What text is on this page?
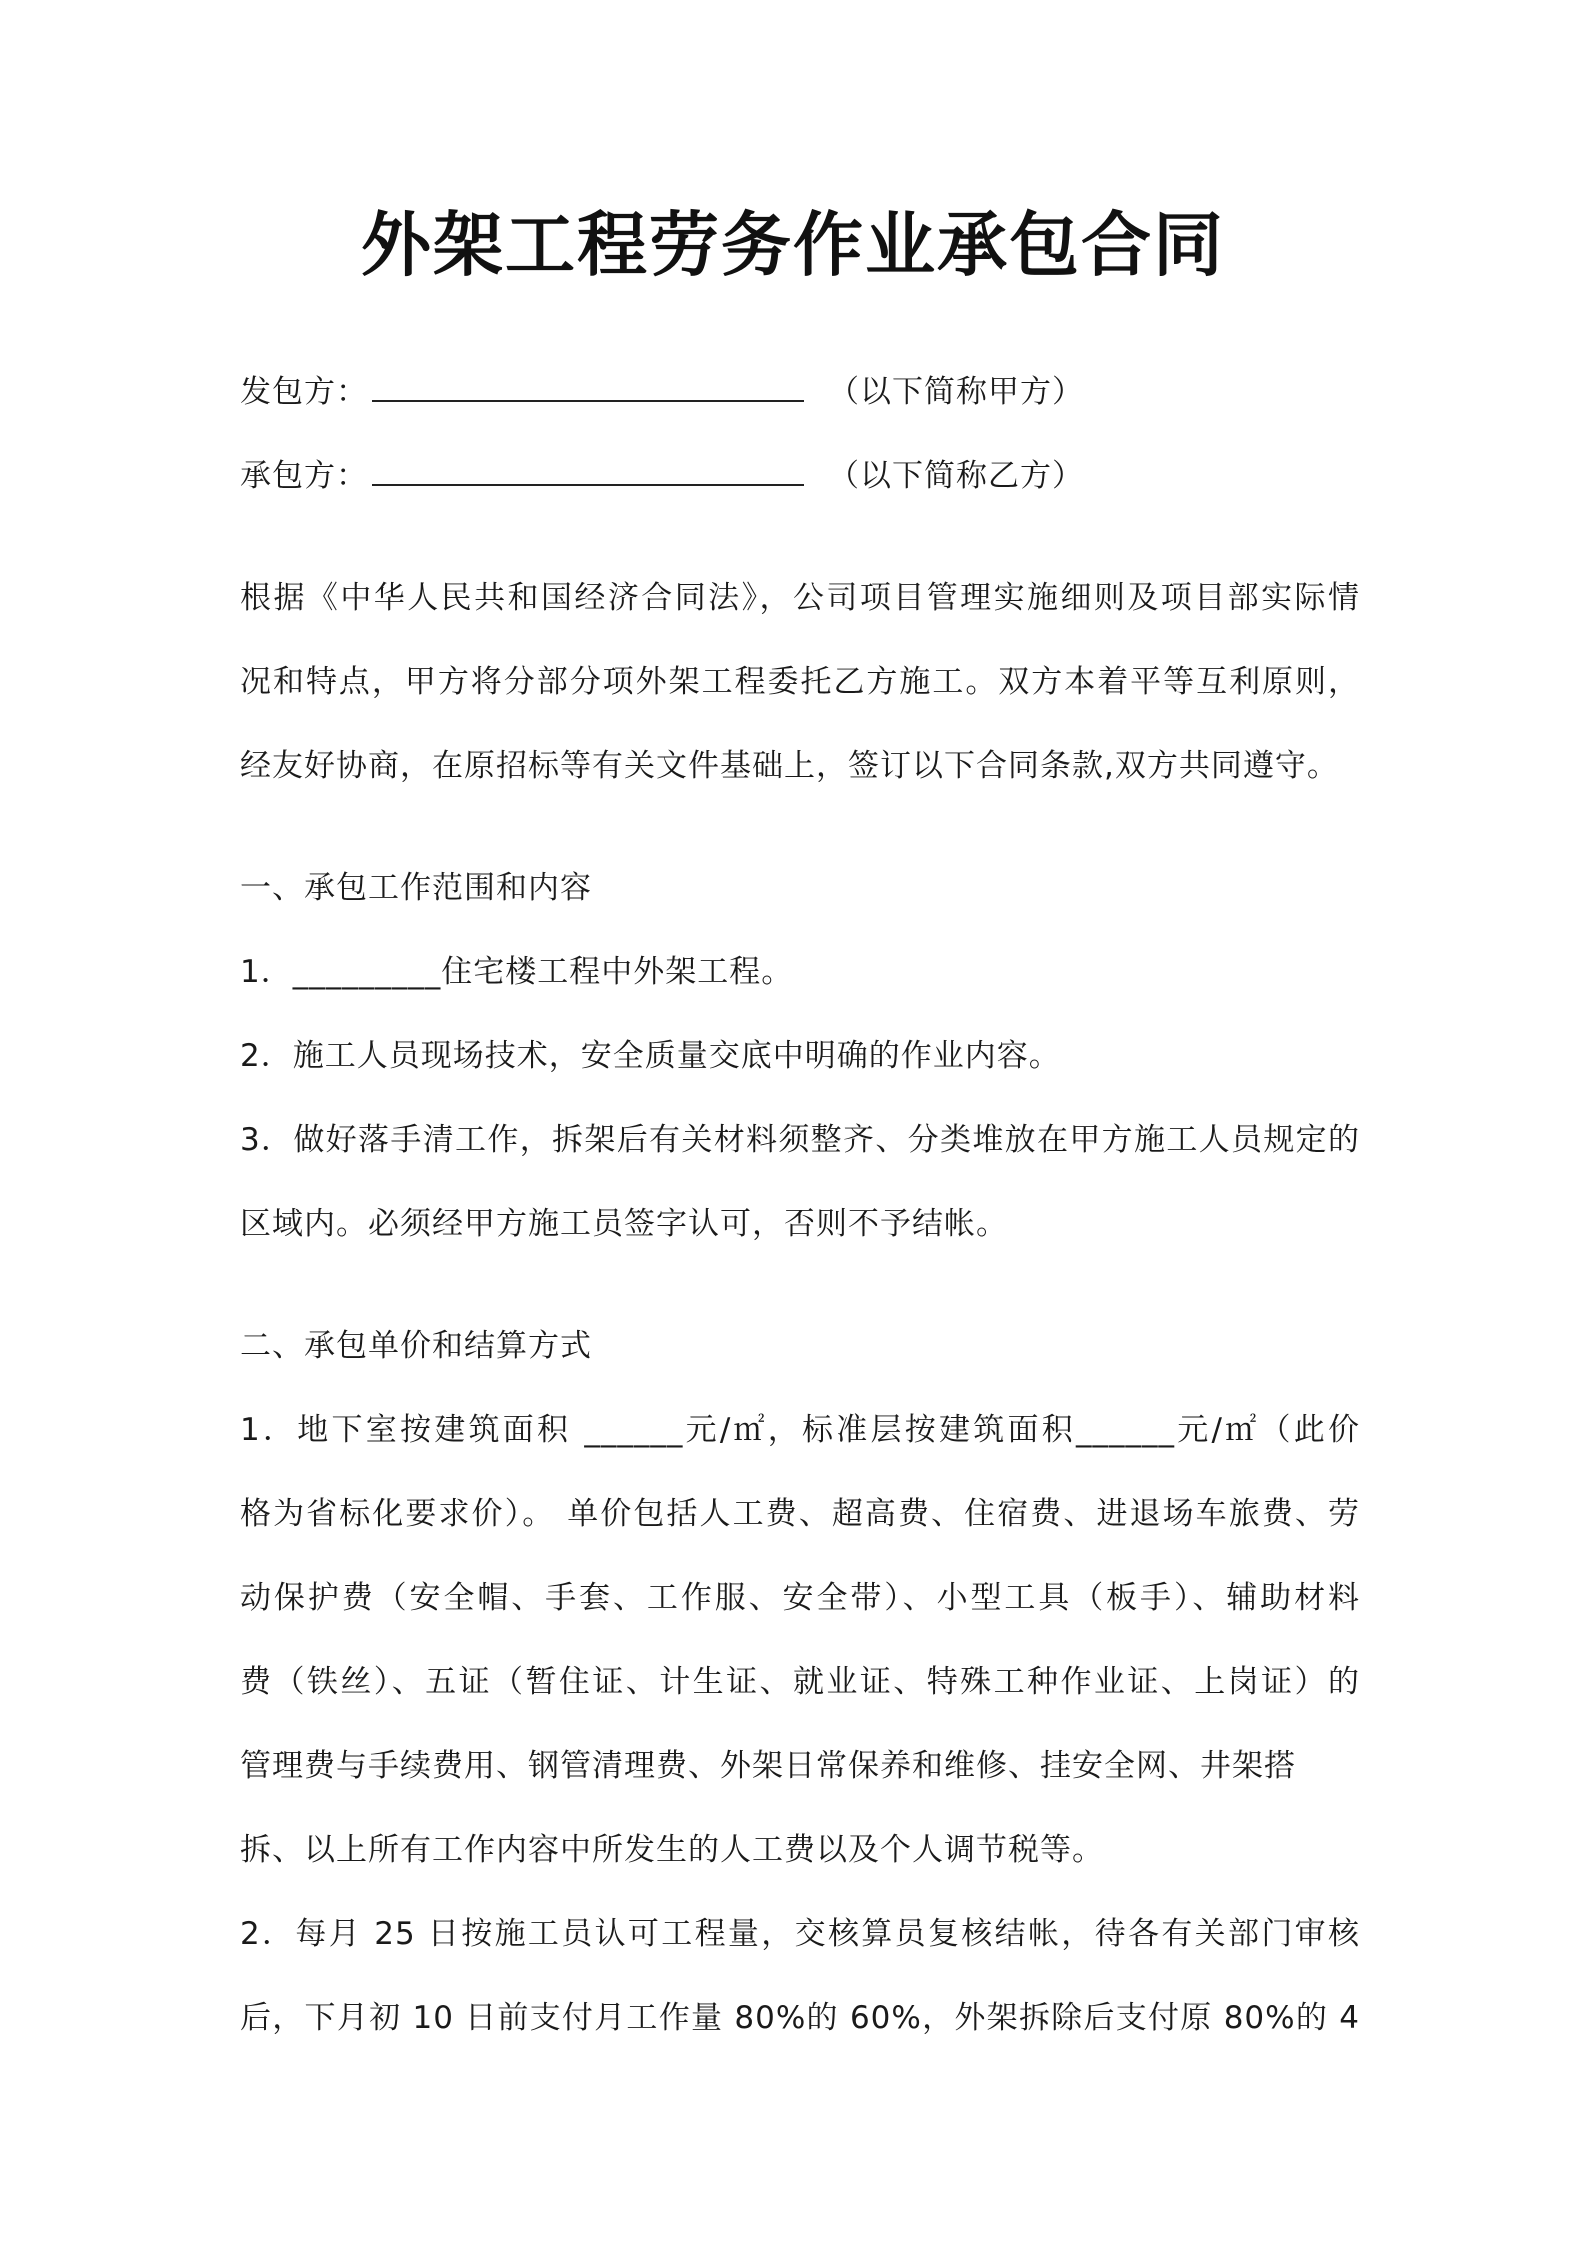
外架工程劳务作业承包合同
发包方：	（以下简称甲方）
承包方：	（以下简称乙方）
根据《中华人民共和国经济合同法》，公司项目管理实施细则及项目部实际情
况和特点，甲方将分部分项外架工程委托乙方施工。双方本着平等互利原则，
经友好协商，在原招标等有关文件基础上，签订以下合同条款,双方共同遵守。
一、承包工作范围和内容
1．_________住宅楼工程中外架工程。
2．施工人员现场技术，安全质量交底中明确的作业内容。
3．做好落手清工作，拆架后有关材料须整齐、分类堆放在甲方施工人员规定的
区域内。必须经甲方施工员签字认可，否则不予结帐。
二、承包单价和结算方式
1．地下室按建筑面积 ______元/㎡，标准层按建筑面积______元/㎡（此价
格为省标化要求价）。 单价包括人工费、超高费、住宿费、进退场车旅费、劳
动保护费（安全帽、手套、工作服、安全带）、小型工具（板手）、辅助材料
费（铁丝）、五证（暂住证、计生证、就业证、特殊工种作业证、上岗证）的
管理费与手续费用、钢管清理费、外架日常保养和维修、挂安全网、井架搭
拆、以上所有工作内容中所发生的人工费以及个人调节税等。
2．每月 25 日按施工员认可工程量，交核算员复核结帐，待各有关部门审核
后，下月初 10 日前支付月工作量 80%的 60%，外架拆除后支付原 80%的 4
